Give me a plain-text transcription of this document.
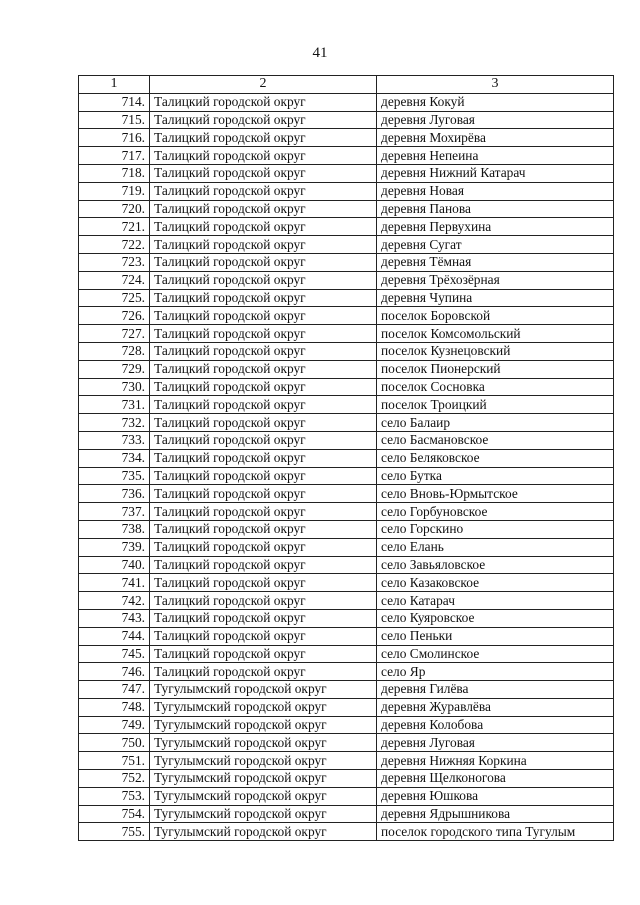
41
1	2	3
714.	Талицкий городской округ	деревня Кокуй
715.	Талицкий городской округ	деревня Луговая
716.	Талицкий городской округ	деревня Мохирёва
717.	Талицкий городской округ	деревня Непеина
718.	Талицкий городской округ	деревня Нижний Катарач
719.	Талицкий городской округ	деревня Новая
720.	Талицкий городской округ	деревня Панова
721.	Талицкий городской округ	деревня Первухина
722.	Талицкий городской округ	деревня Сугат
723.	Талицкий городской округ	деревня Тёмная
724.	Талицкий городской округ	деревня Трёхозёрная
725.	Талицкий городской округ	деревня Чупина
726.	Талицкий городской округ	поселок Боровской
727.	Талицкий городской округ	поселок Комсомольский
728.	Талицкий городской округ	поселок Кузнецовский
729.	Талицкий городской округ	поселок Пионерский
730.	Талицкий городской округ	поселок Сосновка
731.	Талицкий городской округ	поселок Троицкий
732.	Талицкий городской округ	село Балаир
733.	Талицкий городской округ	село Басмановское
734.	Талицкий городской округ	село Беляковское
735.	Талицкий городской округ	село Бутка
736.	Талицкий городской округ	село Вновь-Юрмытское
737.	Талицкий городской округ	село Горбуновское
738.	Талицкий городской округ	село Горскино
739.	Талицкий городской округ	село Елань
740.	Талицкий городской округ	село Завьяловское
741.	Талицкий городской округ	село Казаковское
742.	Талицкий городской округ	село Катарач
743.	Талицкий городской округ	село Куяровское
744.	Талицкий городской округ	село Пеньки
745.	Талицкий городской округ	село Смолинское
746.	Талицкий городской округ	село Яр
747.	Тугулымский городской округ	деревня Гилёва
748.	Тугулымский городской округ	деревня Журавлёва
749.	Тугулымский городской округ	деревня Колобова
750.	Тугулымский городской округ	деревня Луговая
751.	Тугулымский городской округ	деревня Нижняя Коркина
752.	Тугулымский городской округ	деревня Щелконогова
753.	Тугулымский городской округ	деревня Юшкова
754.	Тугулымский городской округ	деревня Ядрышникова
755.	Тугулымский городской округ	поселок городского типа Тугулым
